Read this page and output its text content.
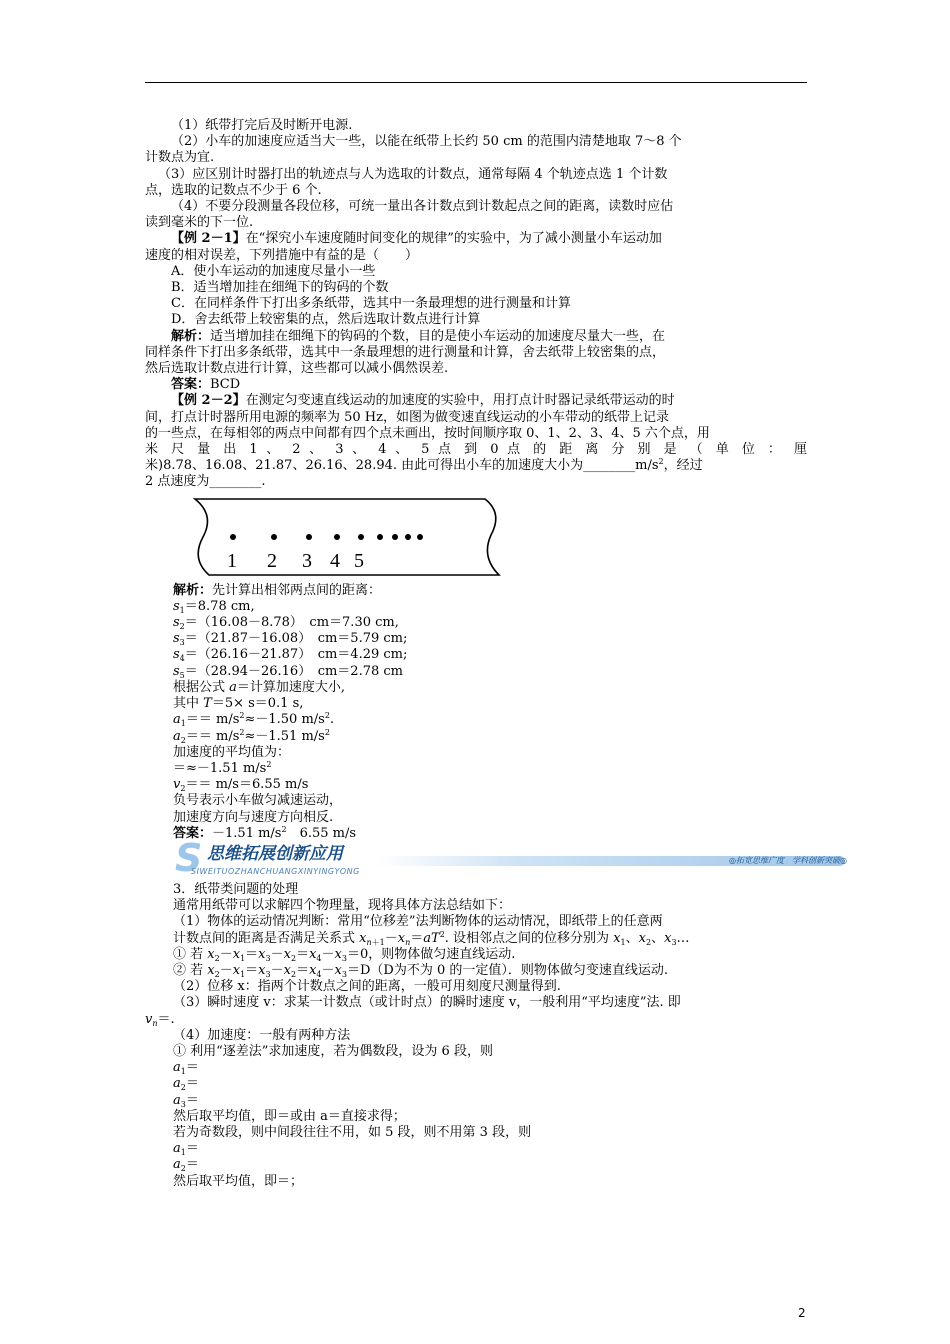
（1）纸带打完后及时断开电源.

（2）小车的加速度应适当大一些，以能在纸带上长约 50 cm 的范围内清楚地取 7～8 个

计数点为宜.

（3）应区别计时器打出的轨迹点与人为选取的计数点，通常每隔 4 个轨迹点选 1 个计数

点，选取的记数点不少于 6 个.

（4）不要分段测量各段位移，可统一量出各计数点到计数起点之间的距离，读数时应估

读到毫米的下一位.

【例 2－1】在“探究小车速度随时间变化的规律”的实验中，为了减小测量小车运动加

速度的相对误差，下列措施中有益的是（　　）

A．使小车运动的加速度尽量小一些

B．适当增加挂在细绳下的钩码的个数

C．在同样条件下打出多条纸带，选其中一条最理想的进行测量和计算

D．舍去纸带上较密集的点，然后选取计数点进行计算

解析：适当增加挂在细绳下的钩码的个数，目的是使小车运动的加速度尽量大一些，在

同样条件下打出多条纸带，选其中一条最理想的进行测量和计算，舍去纸带上较密集的点，

然后选取计数点进行计算，这些都可以减小偶然误差.

答案：BCD

【例 2－2】在测定匀变速直线运动的加速度的实验中，用打点计时器记录纸带运动的时

间，打点计时器所用电源的频率为 50 Hz，如图为做变速直线运动的小车带动的纸带上记录

的一些点，在每相邻的两点中间都有四个点未画出，按时间顺序取 0、1、2、3、4、5 六个点，用

米 尺 量 出 1 、 2 、 3 、 4 、 5 点 到 0 点 的 距 离 分 别 是 （ 单 位 ： 厘

米)8.78、16.08、21.87、26.16、28.94. 由此可得出小车的加速度大小为$\_\_\_\_\_\_\_\_m/s^2$，经过

2 点速度为________.

1 2 3 4 5

解析：先计算出相邻两点间的距离：

$s_1=8.78$ cm,

$s_2=(16.08-8.78)$　cm＝7.30 cm,

$s_3=(21.87-16.08)$　cm＝5.79 cm;

$s_4=(26.16-21.87)$　cm＝4.29 cm;

$s_5=(28.94-26.16)$　cm＝2.78 cm

根据公式 a＝计算加速度大小,

其中 T＝5× s＝0.1 s,

$a_1== m/s^2\approx-1.50$ $m/s^2$.

$a_2== m/s^2\approx-1.51$ $m/s^2$

加速度的平均值为：

＝≈－1.51 $m/s^2$

$v_2== m/s=6.55$ m/s

负号表示小车做匀减速运动，

加速度方向与速度方向相反.

答案：－1.51 $m/s^2$　6.55 m/s

S 思维拓展创新应用
SIWEITUOZHANCHUANGXINYINGYONG
◎拓宽思维广度　学科创新突破◎

3．纸带类问题的处理

通常用纸带可以求解四个物理量，现将具体方法总结如下：

（1）物体的运动情况判断：常用“位移差”法判断物体的运动情况，即纸带上的任意两

计数点间的距离是否满足关系式 $x_{n+1}-x_n=aT^2$. 设相邻点之间的位移分别为 $x_1$、$x_2$、$x_3\dots$

① 若 $x_2-x_1=x_3-x_2=x_4-x_3=0$，则物体做匀速直线运动.

② 若 $x_2-x_1=x_3-x_2=x_4-x_3=D(D$为不为 0 的一定值）．则物体做匀变速直线运动.

（2）位移 x：指两个计数点之间的距离，一般可用刻度尺测量得到.

（3）瞬时速度 v：求某一计数点（或计时点）的瞬时速度 v，一般利用“平均速度”法. 即

$v_n=$.

（4）加速度：一般有两种方法

① 利用“逐差法”求加速度，若为偶数段，设为 6 段，则

$a_1=$

$a_2=$

$a_3=$

然后取平均值，即＝或由 a＝直接求得；

若为奇数段，则中间段往往不用，如 5 段，则不用第 3 段，则

$a_1=$

$a_2=$

然后取平均值，即＝；

2
